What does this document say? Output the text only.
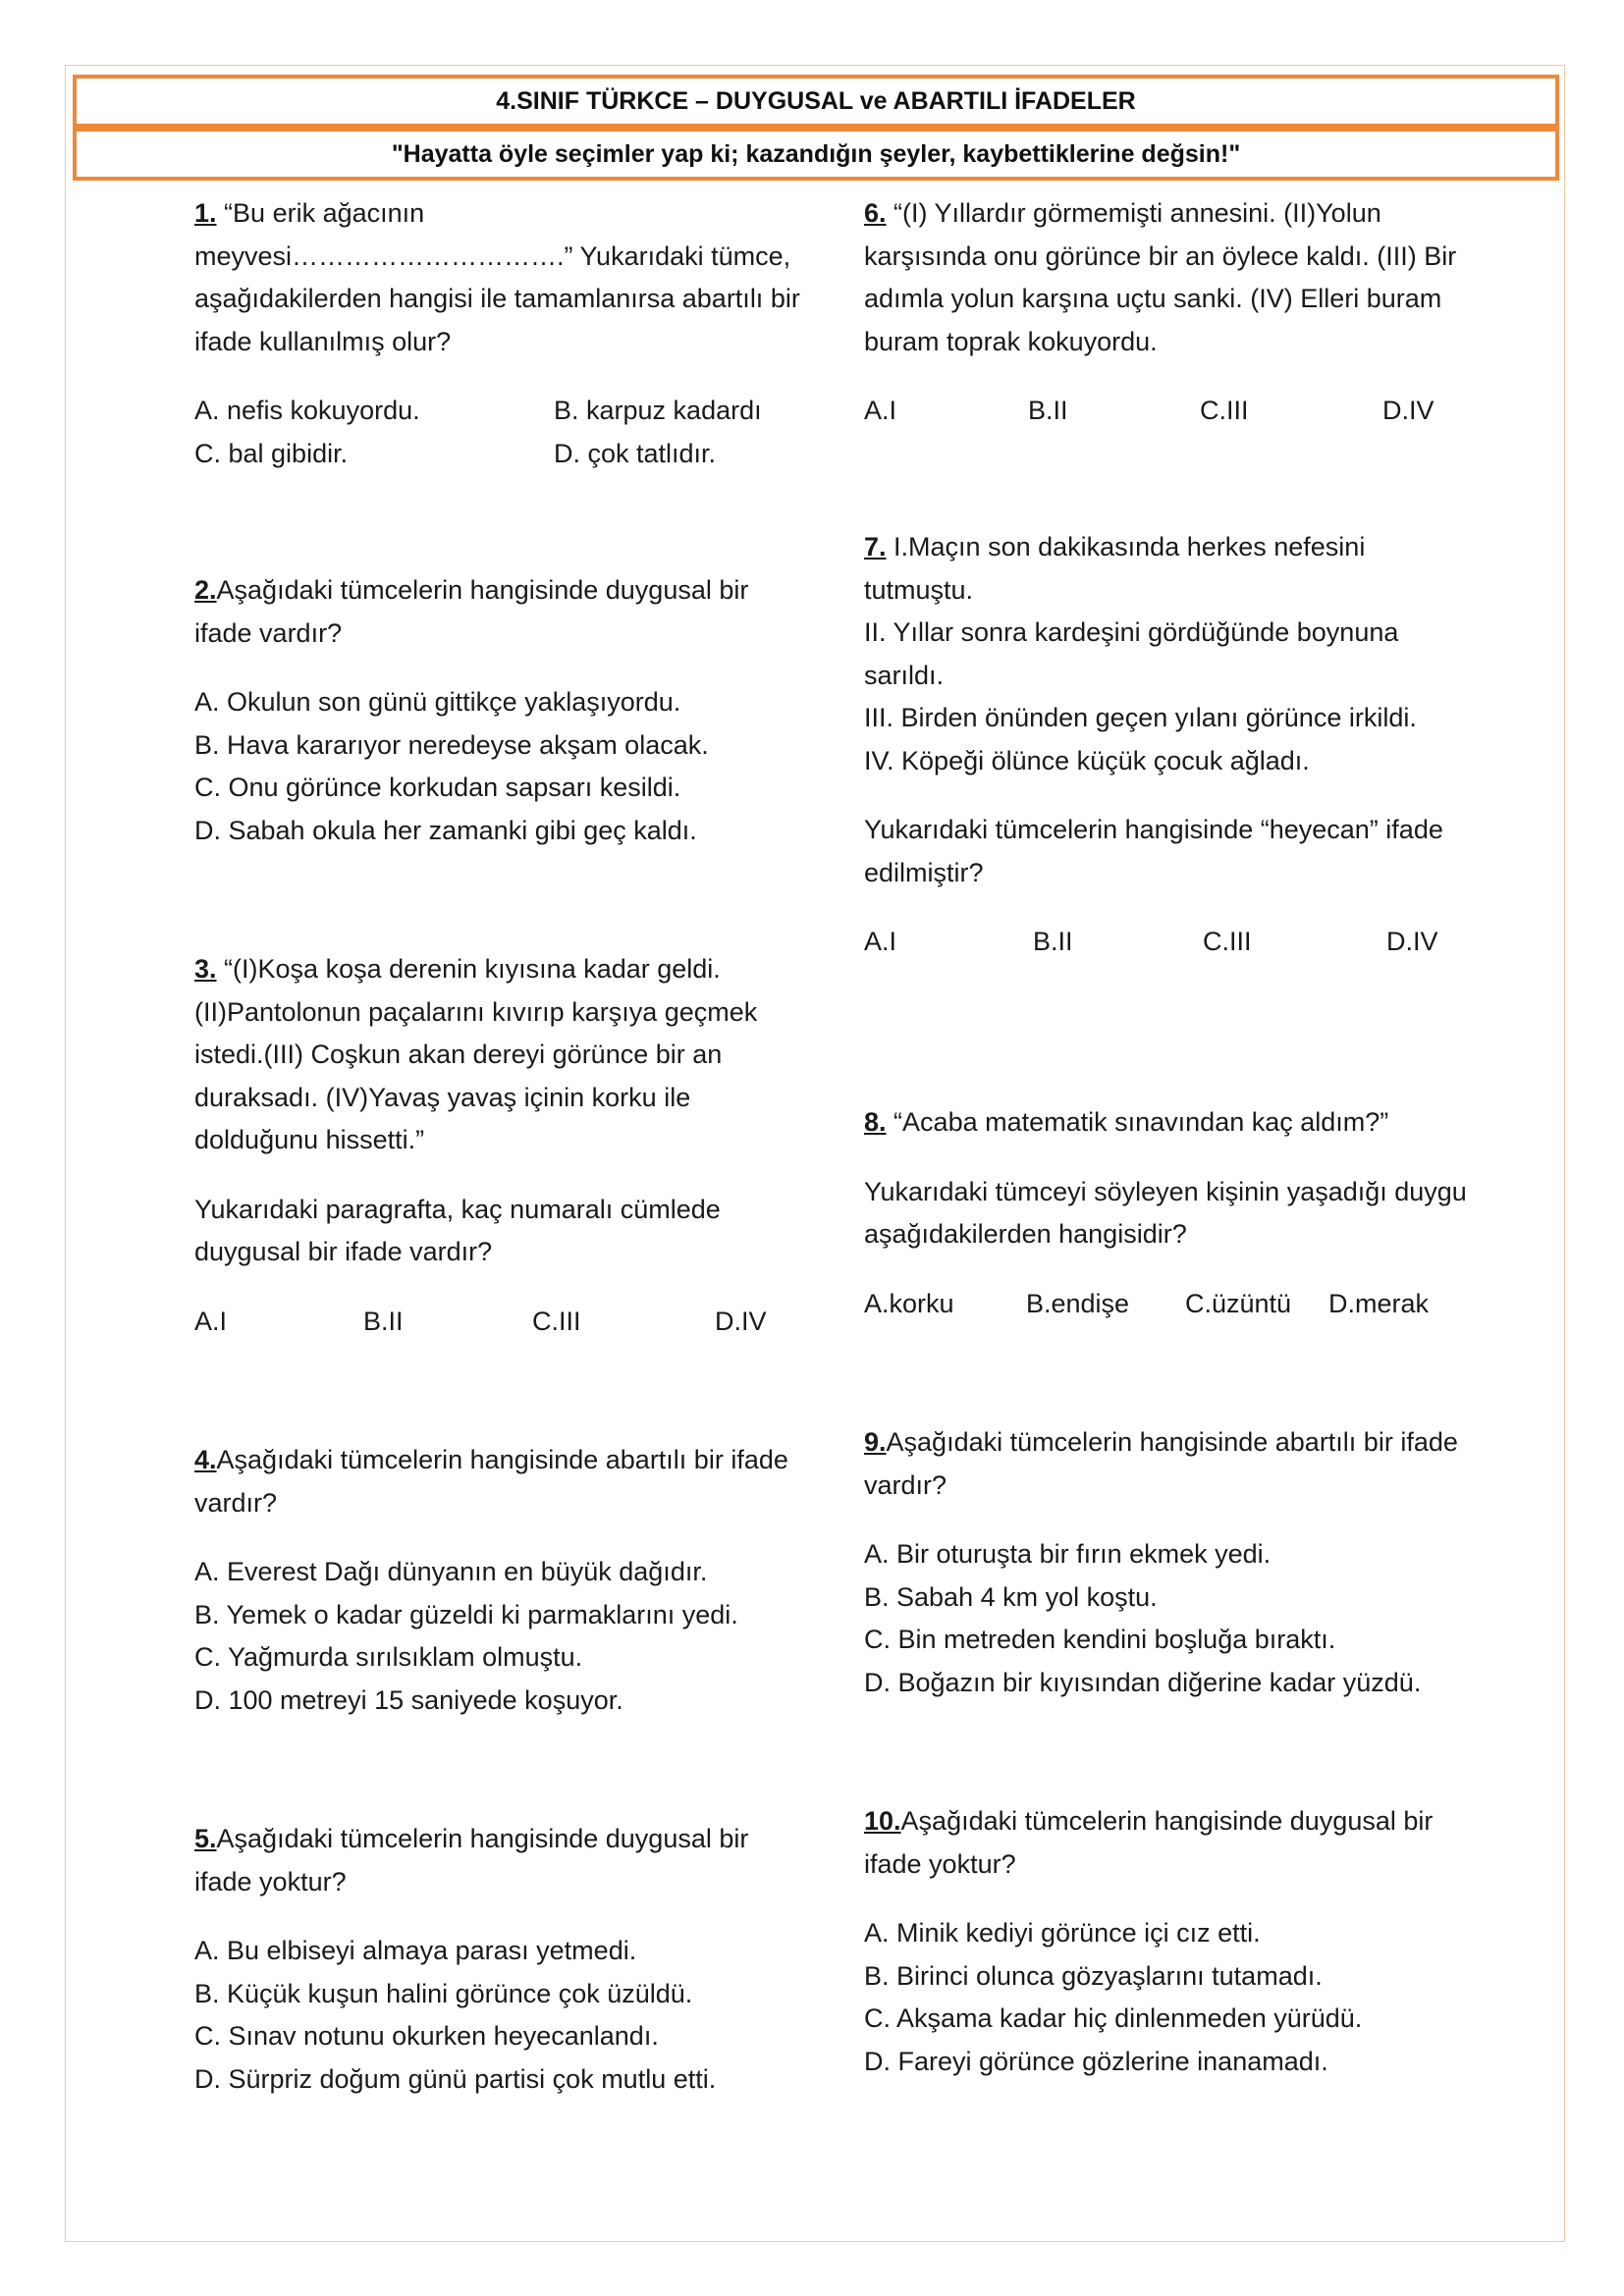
4.SINIF TÜRKCE – DUYGUSAL ve ABARTILI İFADELER
"Hayatta öyle seçimler yap ki; kazandığın şeyler, kaybettiklerine değsin!"

1. “Bu erik ağacının meyvesi………………………….” Yukarıdaki tümce, aşağıdakilerden hangisi ile tamamlanırsa abartılı bir ifade kullanılmış olur?

A. nefis kokuyordu.	B. karpuz kadardı
C. bal gibidir.	D. çok tatlıdır.

2.Aşağıdaki tümcelerin hangisinde duygusal bir ifade vardır?

A. Okulun son günü gittikçe yaklaşıyordu.
B. Hava kararıyor neredeyse akşam olacak.
C. Onu görünce korkudan sapsarı kesildi.
D. Sabah okula her zamanki gibi geç kaldı.

3. “(I)Koşa koşa derenin kıyısına kadar geldi. (II)Pantolonun paçalarını kıvırıp karşıya geçmek istedi.(III) Coşkun akan dereyi görünce bir an duraksadı. (IV)Yavaş yavaş içinin korku ile dolduğunu hissetti.”

Yukarıdaki paragrafta, kaç numaralı cümlede duygusal bir ifade vardır?

A.I	B.II	C.III	D.IV

4.Aşağıdaki tümcelerin hangisinde abartılı bir ifade vardır?

A. Everest Dağı dünyanın en büyük dağıdır.
B. Yemek o kadar güzeldi ki parmaklarını yedi.
C. Yağmurda sırılsıklam olmuştu.
D. 100 metreyi 15 saniyede koşuyor.

5.Aşağıdaki tümcelerin hangisinde duygusal bir ifade yoktur?

A. Bu elbiseyi almaya parası yetmedi.
B. Küçük kuşun halini görünce çok üzüldü.
C. Sınav notunu okurken heyecanlandı.
D. Sürpriz doğum günü partisi çok mutlu etti.

6. “(I) Yıllardır görmemişti annesini. (II)Yolun karşısında onu görünce bir an öylece kaldı. (III) Bir adımla yolun karşına uçtu sanki. (IV) Elleri buram buram toprak kokuyordu.

A.I	B.II	C.III	D.IV

7. I.Maçın son dakikasında herkes nefesini tutmuştu.
II. Yıllar sonra kardeşini gördüğünde boynuna sarıldı.
III. Birden önünden geçen yılanı görünce irkildi.
IV. Köpeği ölünce küçük çocuk ağladı.

Yukarıdaki tümcelerin hangisinde “heyecan” ifade edilmiştir?

A.I	B.II	C.III	D.IV

8. “Acaba matematik sınavından kaç aldım?”

Yukarıdaki tümceyi söyleyen kişinin yaşadığı duygu aşağıdakilerden hangisidir?

A.korku	B.endişe	C.üzüntü	D.merak

9.Aşağıdaki tümcelerin hangisinde abartılı bir ifade vardır?

A. Bir oturuşta bir fırın ekmek yedi.
B. Sabah 4 km yol koştu.
C. Bin metreden kendini boşluğa bıraktı.
D. Boğazın bir kıyısından diğerine kadar yüzdü.

10.Aşağıdaki tümcelerin hangisinde duygusal bir ifade yoktur?

A. Minik kediyi görünce içi cız etti.
B. Birinci olunca gözyaşlarını tutamadı.
C. Akşama kadar hiç dinlenmeden yürüdü.
D. Fareyi görünce gözlerine inanamadı.
